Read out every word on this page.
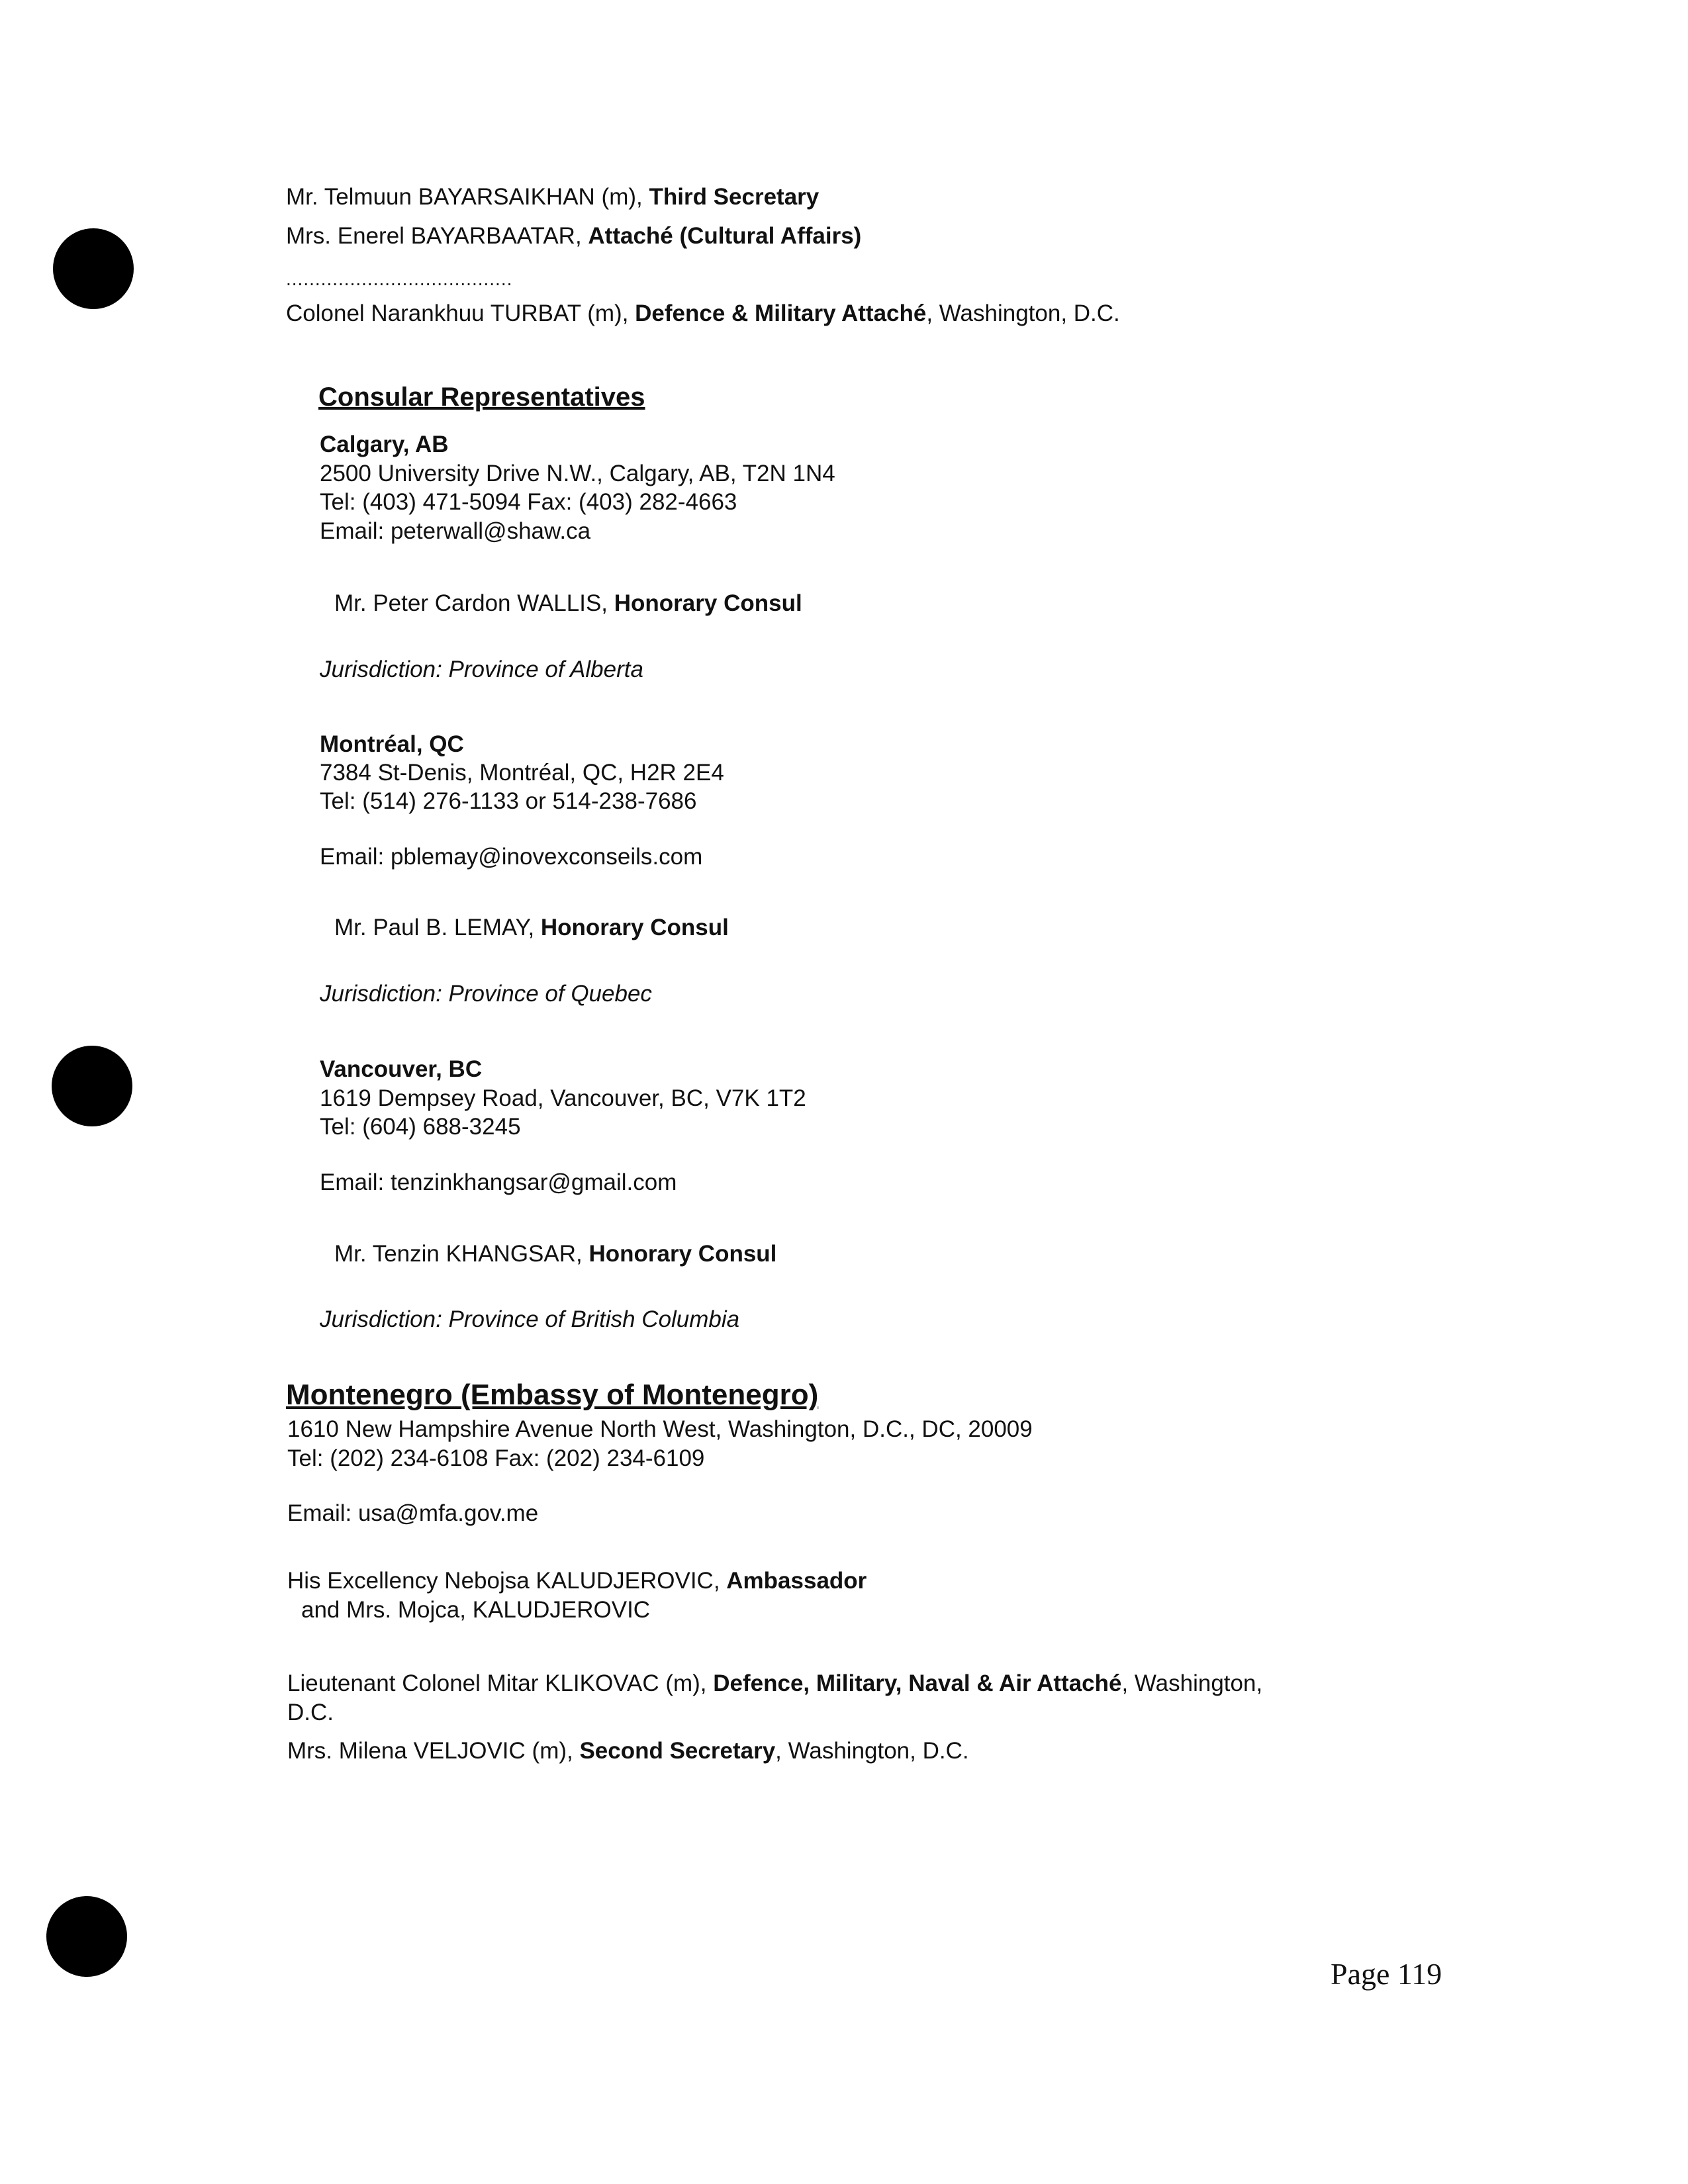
Mr. Telmuun BAYARSAIKHAN (m), Third Secretary
Mrs. Enerel BAYARBAATAR, Attaché (Cultural Affairs)
.......................................
Colonel Narankhuu TURBAT (m), Defence & Military Attaché, Washington, D.C.
Consular Representatives
Calgary, AB
2500 University Drive N.W., Calgary, AB, T2N 1N4
Tel: (403) 471-5094 Fax: (403) 282-4663
Email: peterwall@shaw.ca
Mr. Peter Cardon WALLIS, Honorary Consul
Jurisdiction: Province of Alberta
Montréal, QC
7384 St-Denis, Montréal, QC, H2R 2E4
Tel: (514) 276-1133 or 514-238-7686
Email: pblemay@inovexconseils.com
Mr. Paul B. LEMAY, Honorary Consul
Jurisdiction: Province of Quebec
Vancouver, BC
1619 Dempsey Road, Vancouver, BC, V7K 1T2
Tel: (604) 688-3245
Email: tenzinkhangsar@gmail.com
Mr. Tenzin KHANGSAR, Honorary Consul
Jurisdiction: Province of British Columbia
Montenegro (Embassy of Montenegro)
1610 New Hampshire Avenue North West, Washington, D.C., DC, 20009
Tel: (202) 234-6108 Fax: (202) 234-6109
Email: usa@mfa.gov.me
His Excellency Nebojsa KALUDJEROVIC, Ambassador
and Mrs. Mojca, KALUDJEROVIC
Lieutenant Colonel Mitar KLIKOVAC (m), Defence, Military, Naval & Air Attaché, Washington,
D.C.
Mrs. Milena VELJOVIC (m), Second Secretary, Washington, D.C.
Page 119
